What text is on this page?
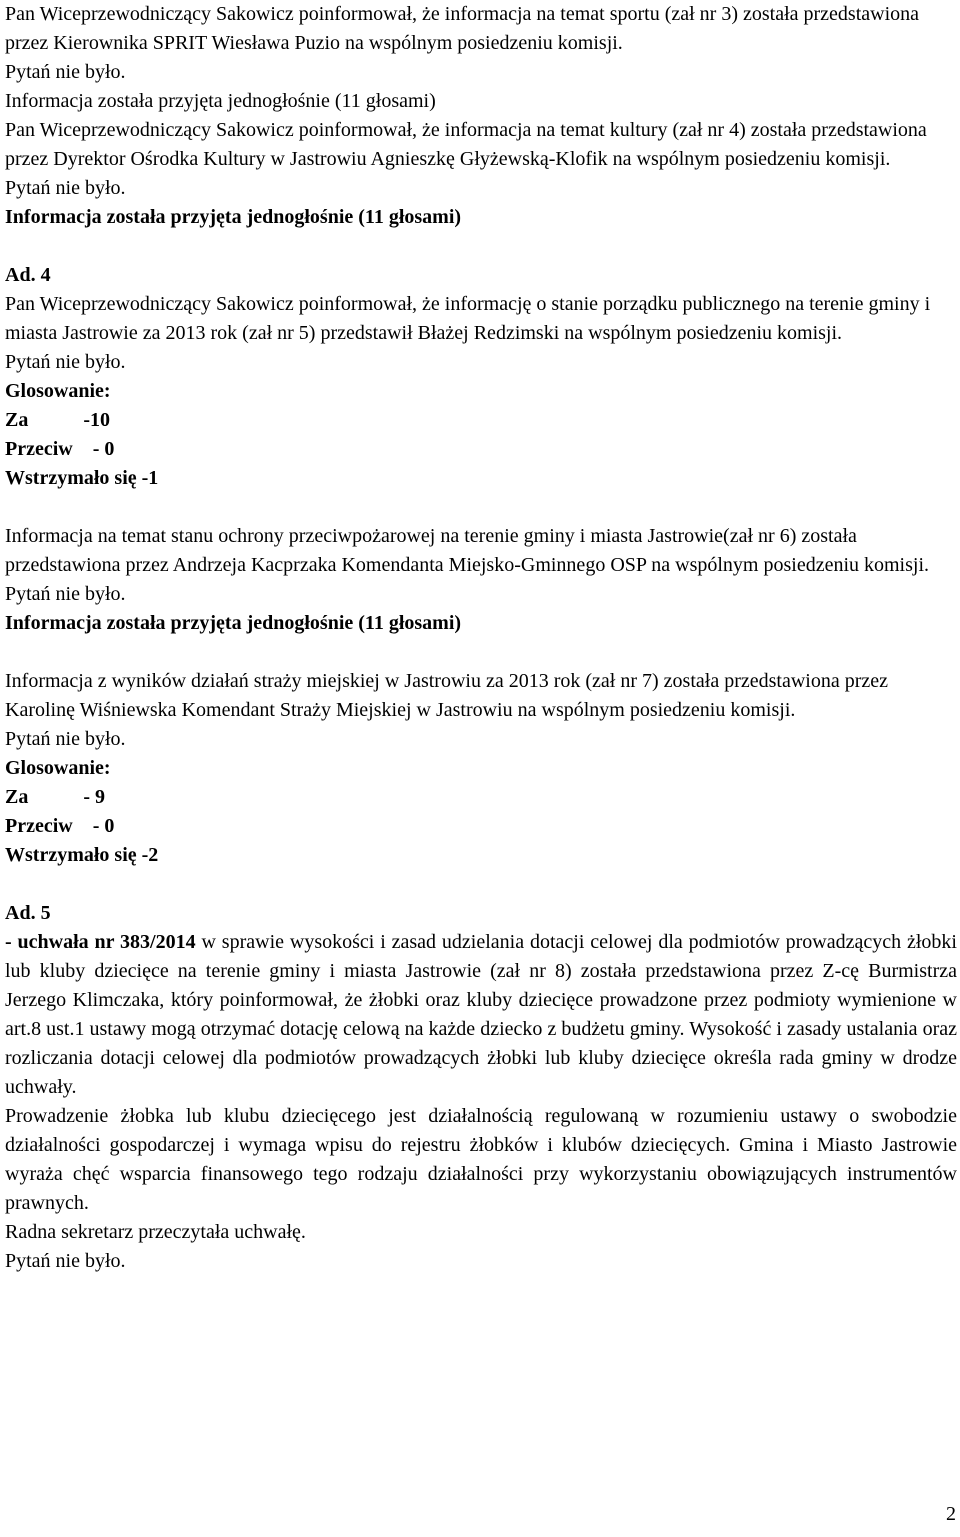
Pan Wiceprzewodniczący Sakowicz poinformował, że informacja na temat sportu (zał nr 3) została przedstawiona przez Kierownika SPRIT Wiesława Puzio na wspólnym posiedzeniu komisji.

Pytań nie było.

Informacja została przyjęta jednogłośnie (11 głosami)

Pan Wiceprzewodniczący Sakowicz poinformował, że informacja na temat kultury (zał nr 4) została przedstawiona przez Dyrektor Ośrodka Kultury w Jastrowiu Agnieszkę Głyżewską-Klofik na wspólnym posiedzeniu komisji.

Pytań nie było.

Informacja została przyjęta jednogłośnie (11 głosami)

Ad. 4

Pan Wiceprzewodniczący Sakowicz poinformował, że informację o stanie porządku publicznego na terenie gminy i miasta Jastrowie za 2013 rok (zał nr 5) przedstawił Błażej Redzimski na wspólnym posiedzeniu komisji.

Pytań nie było.

Glosowanie:

Za           -10

Przeciw    - 0

Wstrzymało się -1

Informacja na temat stanu ochrony przeciwpożarowej na terenie gminy i miasta Jastrowie(zał nr 6) została przedstawiona przez Andrzeja Kacprzaka Komendanta Miejsko-Gminnego OSP na wspólnym posiedzeniu komisji.

Pytań nie było.

Informacja została przyjęta jednogłośnie (11 głosami)

Informacja z wyników działań straży miejskiej w Jastrowiu za 2013 rok (zał nr 7) została przedstawiona przez Karolinę Wiśniewska Komendant Straży Miejskiej w Jastrowiu na wspólnym posiedzeniu komisji.

Pytań nie było.

Glosowanie:

Za           - 9

Przeciw    - 0

Wstrzymało się -2

Ad. 5

- uchwała nr 383/2014 w sprawie wysokości i zasad udzielania dotacji celowej dla podmiotów prowadzących żłobki lub kluby dziecięce na terenie gminy i miasta Jastrowie (zał nr 8) została przedstawiona przez Z-cę Burmistrza Jerzego Klimczaka, który poinformował, że żłobki oraz kluby dziecięce prowadzone przez podmioty wymienione w art.8 ust.1 ustawy mogą otrzymać dotację celową na każde dziecko z budżetu gminy. Wysokość i zasady ustalania oraz rozliczania dotacji celowej dla podmiotów prowadzących żłobki lub kluby dziecięce określa rada gminy w drodze uchwały.

Prowadzenie żłobka lub klubu dziecięcego jest działalnością regulowaną w rozumieniu ustawy o swobodzie działalności gospodarczej i wymaga wpisu do rejestru żłobków i klubów dziecięcych. Gmina i Miasto Jastrowie wyraża chęć wsparcia finansowego tego rodzaju działalności przy wykorzystaniu obowiązujących instrumentów prawnych.

Radna sekretarz przeczytała uchwałę.

Pytań nie było.

2
